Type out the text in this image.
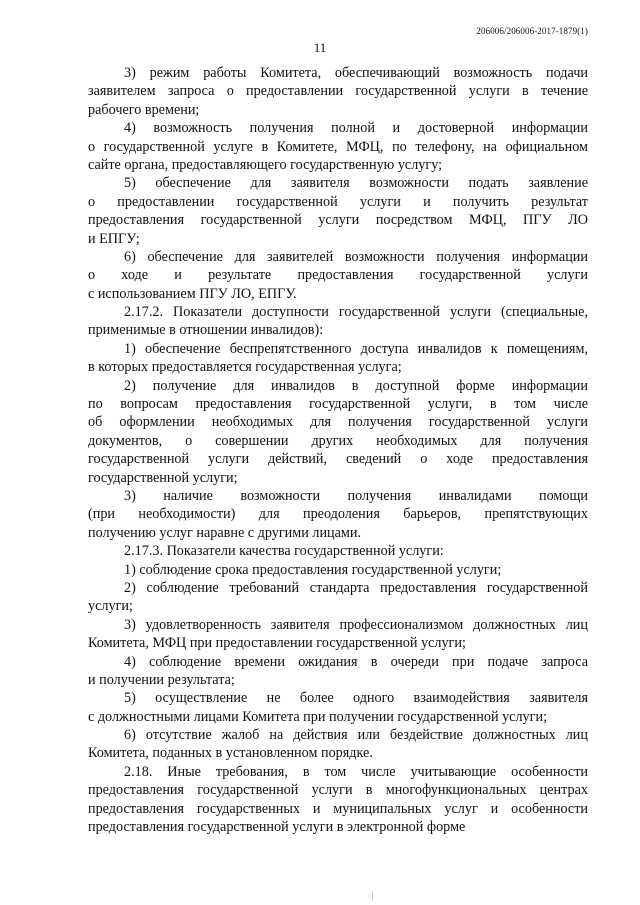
206006/206006-2017-1879(1)
11
3) режим работы Комитета, обеспечивающий возможность подачи
заявителем запроса о предоставлении государственной услуги в течение
рабочего времени;
4) возможность получения полной и достоверной информации
о государственной услуге в Комитете, МФЦ, по телефону, на официальном
сайте органа, предоставляющего государственную услугу;
5) обеспечение для заявителя возможности подать заявление
о предоставлении государственной услуги и получить результат
предоставления государственной услуги посредством МФЦ, ПГУ ЛО
и ЕПГУ;
6) обеспечение для заявителей возможности получения информации
о ходе и результате предоставления государственной услуги
с использованием ПГУ ЛО, ЕПГУ.
2.17.2. Показатели доступности государственной услуги (специальные,
применимые в отношении инвалидов):
1) обеспечение беспрепятственного доступа инвалидов к помещениям,
в которых предоставляется государственная услуга;
2) получение для инвалидов в доступной форме информации
по вопросам предоставления государственной услуги, в том числе
об оформлении необходимых для получения государственной услуги
документов, о совершении других необходимых для получения
государственной услуги действий, сведений о ходе предоставления
государственной услуги;
3) наличие возможности получения инвалидами помощи
(при необходимости) для преодоления барьеров, препятствующих
получению услуг наравне с другими лицами.
2.17.3. Показатели качества государственной услуги:
1) соблюдение срока предоставления государственной услуги;
2) соблюдение требований стандарта предоставления государственной
услуги;
3) удовлетворенность заявителя профессионализмом должностных лиц
Комитета, МФЦ при предоставлении государственной услуги;
4) соблюдение времени ожидания в очереди при подаче запроса
и получении результата;
5) осуществление не более одного взаимодействия заявителя
с должностными лицами Комитета при получении государственной услуги;
6) отсутствие жалоб на действия или бездействие должностных лиц
Комитета, поданных в установленном порядке.
2.18. Иные требования, в том числе учитывающие особенности
предоставления государственной услуги в многофункциональных центрах
предоставления государственных и муниципальных услуг и особенности
предоставления государственной услуги в электронной форме
